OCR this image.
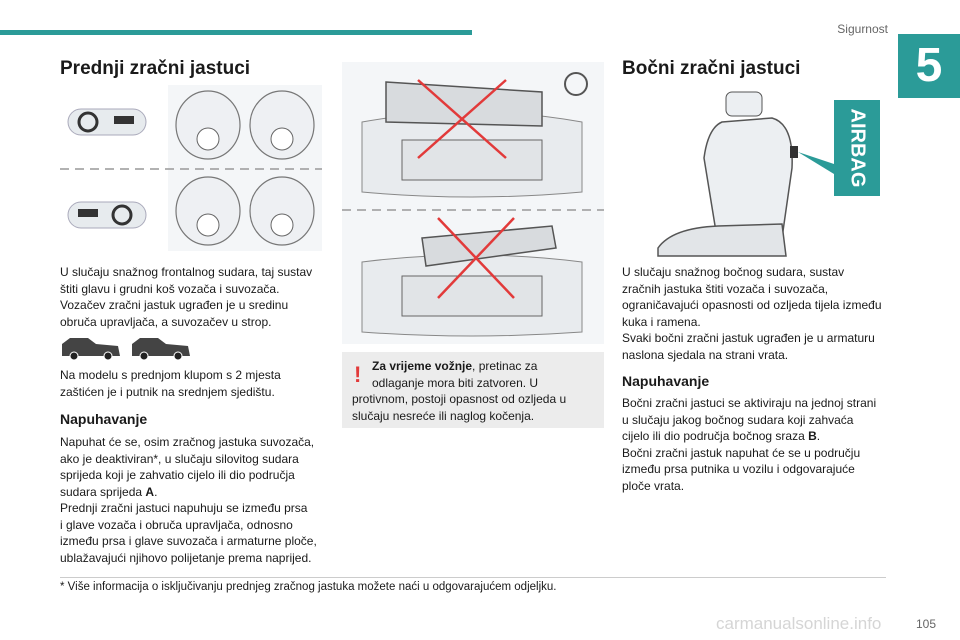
Sigurnost
5
Prednji zračni jastuci
U slučaju snažnog frontalnog sudara, taj sustav
štiti glavu i grudni koš vozača i suvozača.
Vozačev zračni jastuk ugrađen je u sredinu
obruča upravljača, a suvozačev u strop.
Na modelu s prednjom klupom s 2 mjesta
zaštićen je i putnik na srednjem sjedištu.
Napuhavanje
Napuhat će se, osim zračnog jastuka suvozača,
ako je deaktiviran*, u slučaju silovitog sudara
sprijeda koji je zahvatio cijelo ili dio područja
sudara sprijeda A.
Prednji zračni jastuci napuhuju se između prsa
i glave vozača i obruča upravljača, odnosno
između prsa i glave suvozača i armaturne ploče,
ublažavajući njihovo polijetanje prema naprijed.
! Za vrijeme vožnje, pretinac za
odlaganje mora biti zatvoren. U
protivnom, postoji opasnost od ozljeda u
slučaju nesreće ili naglog kočenja.
Bočni zračni jastuci
AIRBAG
U slučaju snažnog bočnog sudara, sustav
zračnih jastuka štiti vozača i suvozača,
ograničavajući opasnosti od ozljeda tijela između
kuka i ramena.
Svaki bočni zračni jastuk ugrađen je u armaturu
naslona sjedala na strani vrata.
Napuhavanje
Bočni zračni jastuci se aktiviraju na jednoj strani
u slučaju jakog bočnog sudara koji zahvaća
cijelo ili dio područja bočnog sraza B.
Bočni zračni jastuk napuhat će se u području
između prsa putnika u vozilu i odgovarajuće
ploče vrata.
* Više informacija o isključivanju prednjeg zračnog jastuka možete naći u odgovarajućem odjeljku.
carmanualsonline.info	105
